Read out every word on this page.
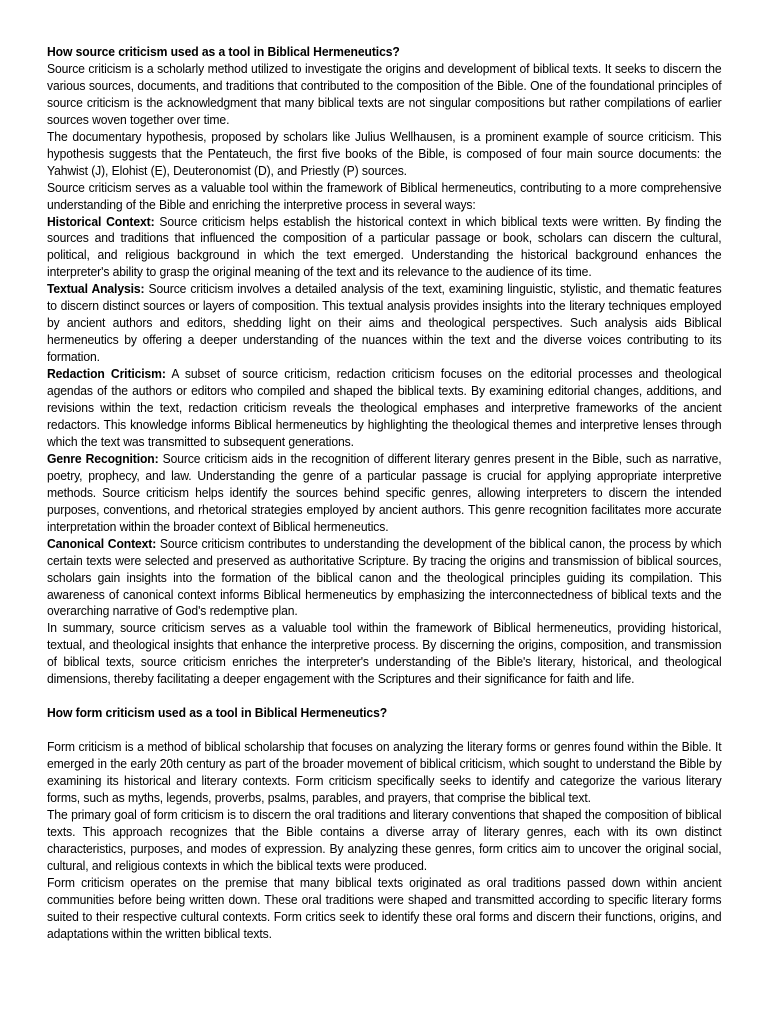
How source criticism used as a tool in Biblical Hermeneutics?

Source criticism is a scholarly method utilized to investigate the origins and development of biblical texts. It seeks to discern the various sources, documents, and traditions that contributed to the composition of the Bible. One of the foundational principles of source criticism is the acknowledgment that many biblical texts are not singular compositions but rather compilations of earlier sources woven together over time.

The documentary hypothesis, proposed by scholars like Julius Wellhausen, is a prominent example of source criticism. This hypothesis suggests that the Pentateuch, the first five books of the Bible, is composed of four main source documents: the Yahwist (J), Elohist (E), Deuteronomist (D), and Priestly (P) sources.

Source criticism serves as a valuable tool within the framework of Biblical hermeneutics, contributing to a more comprehensive understanding of the Bible and enriching the interpretive process in several ways:

Historical Context: Source criticism helps establish the historical context in which biblical texts were written. By finding the sources and traditions that influenced the composition of a particular passage or book, scholars can discern the cultural, political, and religious background in which the text emerged. Understanding the historical background enhances the interpreter's ability to grasp the original meaning of the text and its relevance to the audience of its time.

Textual Analysis: Source criticism involves a detailed analysis of the text, examining linguistic, stylistic, and thematic features to discern distinct sources or layers of composition. This textual analysis provides insights into the literary techniques employed by ancient authors and editors, shedding light on their aims and theological perspectives. Such analysis aids Biblical hermeneutics by offering a deeper understanding of the nuances within the text and the diverse voices contributing to its formation.

Redaction Criticism: A subset of source criticism, redaction criticism focuses on the editorial processes and theological agendas of the authors or editors who compiled and shaped the biblical texts. By examining editorial changes, additions, and revisions within the text, redaction criticism reveals the theological emphases and interpretive frameworks of the ancient redactors. This knowledge informs Biblical hermeneutics by highlighting the theological themes and interpretive lenses through which the text was transmitted to subsequent generations.

Genre Recognition: Source criticism aids in the recognition of different literary genres present in the Bible, such as narrative, poetry, prophecy, and law. Understanding the genre of a particular passage is crucial for applying appropriate interpretive methods. Source criticism helps identify the sources behind specific genres, allowing interpreters to discern the intended purposes, conventions, and rhetorical strategies employed by ancient authors. This genre recognition facilitates more accurate interpretation within the broader context of Biblical hermeneutics.

Canonical Context: Source criticism contributes to understanding the development of the biblical canon, the process by which certain texts were selected and preserved as authoritative Scripture. By tracing the origins and transmission of biblical sources, scholars gain insights into the formation of the biblical canon and the theological principles guiding its compilation. This awareness of canonical context informs Biblical hermeneutics by emphasizing the interconnectedness of biblical texts and the overarching narrative of God's redemptive plan.

In summary, source criticism serves as a valuable tool within the framework of Biblical hermeneutics, providing historical, textual, and theological insights that enhance the interpretive process. By discerning the origins, composition, and transmission of biblical texts, source criticism enriches the interpreter's understanding of the Bible's literary, historical, and theological dimensions, thereby facilitating a deeper engagement with the Scriptures and their significance for faith and life.

How form criticism used as a tool in Biblical Hermeneutics?

Form criticism is a method of biblical scholarship that focuses on analyzing the literary forms or genres found within the Bible. It emerged in the early 20th century as part of the broader movement of biblical criticism, which sought to understand the Bible by examining its historical and literary contexts. Form criticism specifically seeks to identify and categorize the various literary forms, such as myths, legends, proverbs, psalms, parables, and prayers, that comprise the biblical text.

The primary goal of form criticism is to discern the oral traditions and literary conventions that shaped the composition of biblical texts. This approach recognizes that the Bible contains a diverse array of literary genres, each with its own distinct characteristics, purposes, and modes of expression. By analyzing these genres, form critics aim to uncover the original social, cultural, and religious contexts in which the biblical texts were produced.

Form criticism operates on the premise that many biblical texts originated as oral traditions passed down within ancient communities before being written down. These oral traditions were shaped and transmitted according to specific literary forms suited to their respective cultural contexts. Form critics seek to identify these oral forms and discern their functions, origins, and adaptations within the written biblical texts.
